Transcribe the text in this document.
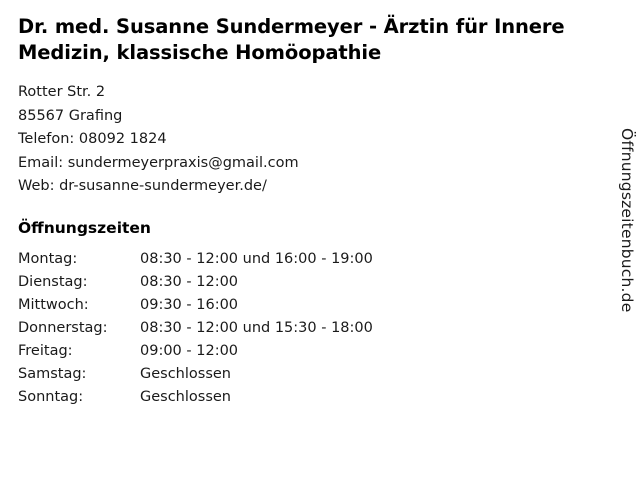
Dr. med. Susanne Sundermeyer - Ärztin für Innere Medizin, klassische Homöopathie
Rotter Str. 2
85567 Grafing
Telefon: 08092 1824
Email: sundermeyerpraxis@gmail.com
Web: dr-susanne-sundermeyer.de/
Öffnungszeiten
Montag:	08:30 - 12:00 und 16:00 - 19:00
Dienstag:	08:30 - 12:00
Mittwoch:	09:30 - 16:00
Donnerstag:	08:30 - 12:00 und 15:30 - 18:00
Freitag:	09:00 - 12:00
Samstag:	Geschlossen
Sonntag:	Geschlossen
Öffnungszeitenbuch.de
